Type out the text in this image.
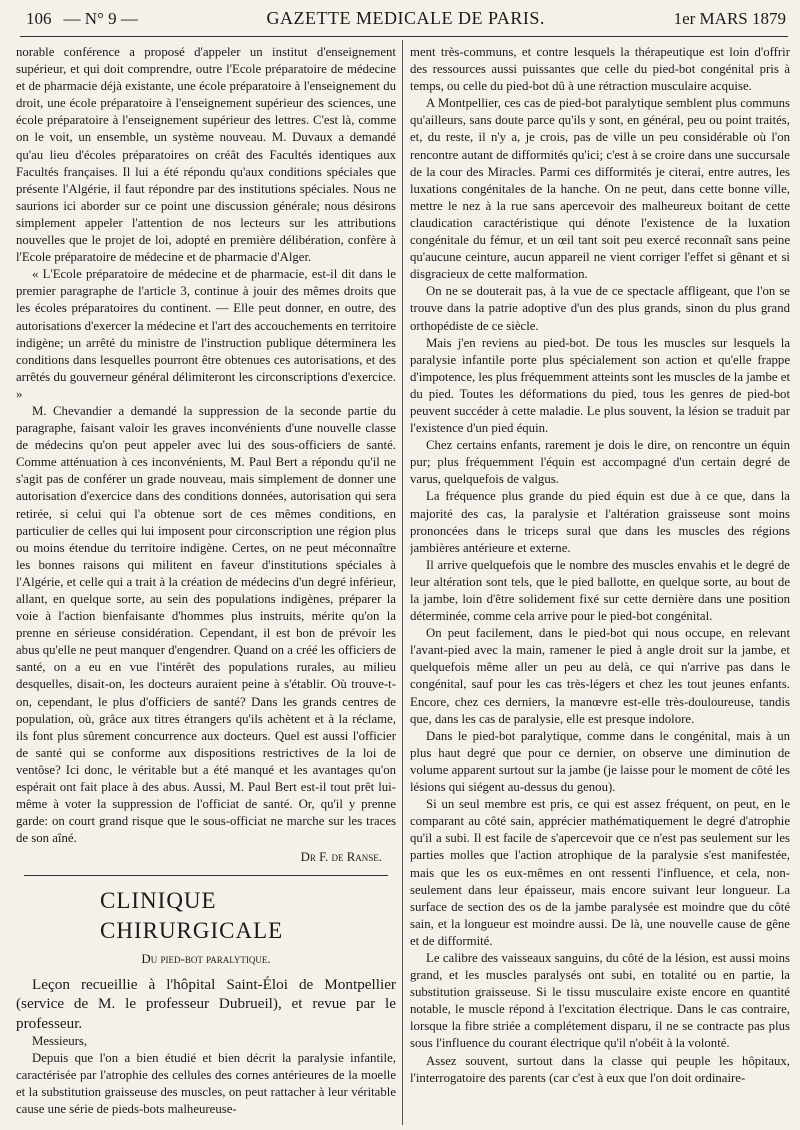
106 — N° 9 —	GAZETTE MEDICALE DE PARIS.	1er MARS 1879

norable conférence a proposé d'appeler un institut d'enseignement supérieur, et qui doit comprendre, outre l'Ecole préparatoire de médecine et de pharmacie déjà existante, une école préparatoire à l'enseignement du droit, une école préparatoire à l'enseignement supérieur des sciences, une école préparatoire à l'enseignement supérieur des lettres. C'est là, comme on le voit, un ensemble, un système nouveau. M. Duvaux a demandé qu'au lieu d'écoles préparatoires on créât des Facultés identiques aux Facultés françaises. Il lui a été répondu qu'aux conditions spéciales que présente l'Algérie, il faut répondre par des institutions spéciales. Nous ne saurions ici aborder sur ce point une discussion générale; nous désirons simplement appeler l'attention de nos lecteurs sur les attributions nouvelles que le projet de loi, adopté en première délibération, confère à l'Ecole préparatoire de médecine et de pharmacie d'Alger.

« L'Ecole préparatoire de médecine et de pharmacie, est-il dit dans le premier paragraphe de l'article 3, continue à jouir des mêmes droits que les écoles préparatoires du continent. — Elle peut donner, en outre, des autorisations d'exercer la médecine et l'art des accouchements en territoire indigène; un arrêté du ministre de l'instruction publique déterminera les conditions dans lesquelles pourront être obtenues ces autorisations, et des arrêtés du gouverneur général délimiteront les circonscriptions d'exercice. »

M. Chevandier a demandé la suppression de la seconde partie du paragraphe, faisant valoir les graves inconvénients d'une nouvelle classe de médecins qu'on peut appeler avec lui des sous-officiers de santé. Comme atténuation à ces inconvénients, M. Paul Bert a répondu qu'il ne s'agit pas de conférer un grade nouveau, mais simplement de donner une autorisation d'exercice dans des conditions données, autorisation qui sera retirée, si celui qui l'a obtenue sort de ces mêmes conditions, en particulier de celles qui lui imposent pour circonscription une région plus ou moins étendue du territoire indigène. Certes, on ne peut méconnaître les bonnes raisons qui militent en faveur d'institutions spéciales à l'Algérie, et celle qui a trait à la création de médecins d'un degré inférieur, allant, en quelque sorte, au sein des populations indigènes, préparer la voie à l'action bienfaisante d'hommes plus instruits, mérite qu'on la prenne en sérieuse considération. Cependant, il est bon de prévoir les abus qu'elle ne peut manquer d'engendrer. Quand on a créé les officiers de santé, on a eu en vue l'intérêt des populations rurales, au milieu desquelles, disait-on, les docteurs auraient peine à s'établir. Où trouve-t-on, cependant, le plus d'officiers de santé? Dans les grands centres de population, où, grâce aux titres étrangers qu'ils achètent et à la réclame, ils font plus sûrement concurrence aux docteurs. Quel est aussi l'officier de santé qui se conforme aux dispositions restrictives de la loi de ventôse? Ici donc, le véritable but a été manqué et les avantages qu'on espérait ont fait place à des abus. Aussi, M. Paul Bert est-il tout prêt lui-même à voter la suppression de l'officiat de santé. Or, qu'il y prenne garde: on court grand risque que le sous-officiat ne marche sur les traces de son aîné.

Dr F. de Ranse.
CLINIQUE CHIRURGICALE
Du pied-bot paralytique.

Leçon recueillie à l'hôpital Saint-Éloi de Montpellier (service de M. le professeur Dubrueil), et revue par le professeur.

Messieurs,

Depuis que l'on a bien étudié et bien décrit la paralysie infantile, caractérisée par l'atrophie des cellules des cornes antérieures de la moelle et la substitution graisseuse des muscles, on peut rattacher à leur véritable cause une série de pieds-bots malheureuse-

ment très-communs, et contre lesquels la thérapeutique est loin d'offrir des ressources aussi puissantes que celle du pied-bot congénital pris à temps, ou celle du pied-bot dû à une rétraction musculaire acquise.

A Montpellier, ces cas de pied-bot paralytique semblent plus communs qu'ailleurs, sans doute parce qu'ils y sont, en général, peu ou point traités, et, du reste, il n'y a, je crois, pas de ville un peu considérable où l'on rencontre autant de difformités qu'ici; c'est à se croire dans une succursale de la cour des Miracles. Parmi ces difformités je citerai, entre autres, les luxations congénitales de la hanche. On ne peut, dans cette bonne ville, mettre le nez à la rue sans apercevoir des malheureux boitant de cette claudication caractéristique qui dénote l'existence de la luxation congénitale du fémur, et un œil tant soit peu exercé reconnaît sans peine qu'aucune ceinture, aucun appareil ne vient corriger l'effet si gênant et si disgracieux de cette malformation.

On ne se douterait pas, à la vue de ce spectacle affligeant, que l'on se trouve dans la patrie adoptive d'un des plus grands, sinon du plus grand orthopédiste de ce siècle.

Mais j'en reviens au pied-bot. De tous les muscles sur lesquels la paralysie infantile porte plus spécialement son action et qu'elle frappe d'impotence, les plus fréquemment atteints sont les muscles de la jambe et du pied. Toutes les déformations du pied, tous les genres de pied-bot peuvent succéder à cette maladie. Le plus souvent, la lésion se traduit par l'existence d'un pied équin.

Chez certains enfants, rarement je dois le dire, on rencontre un équin pur; plus fréquemment l'équin est accompagné d'un certain degré de varus, quelquefois de valgus.

La fréquence plus grande du pied équin est due à ce que, dans la majorité des cas, la paralysie et l'altération graisseuse sont moins prononcées dans le triceps sural que dans les muscles des régions jambières antérieure et externe.

Il arrive quelquefois que le nombre des muscles envahis et le degré de leur altération sont tels, que le pied ballotte, en quelque sorte, au bout de la jambe, loin d'être solidement fixé sur cette dernière dans une position déterminée, comme cela arrive pour le pied-bot congénital.

On peut facilement, dans le pied-bot qui nous occupe, en relevant l'avant-pied avec la main, ramener le pied à angle droit sur la jambe, et quelquefois même aller un peu au delà, ce qui n'arrive pas dans le congénital, sauf pour les cas très-légers et chez les tout jeunes enfants. Encore, chez ces derniers, la manœvre est-elle très-douloureuse, tandis que, dans les cas de paralysie, elle est presque indolore.

Dans le pied-bot paralytique, comme dans le congénital, mais à un plus haut degré que pour ce dernier, on observe une diminution de volume apparent surtout sur la jambe (je laisse pour le moment de côté les lésions qui siégent au-dessus du genou).

Si un seul membre est pris, ce qui est assez fréquent, on peut, en le comparant au côté sain, apprécier mathématiquement le degré d'atrophie qu'il a subi. Il est facile de s'apercevoir que ce n'est pas seulement sur les parties molles que l'action atrophique de la paralysie s'est manifestée, mais que les os eux-mêmes en ont ressenti l'influence, et cela, non-seulement dans leur épaisseur, mais encore suivant leur longueur. La surface de section des os de la jambe paralysée est moindre que du côté sain, et la longueur est moindre aussi. De là, une nouvelle cause de gêne et de difformité.

Le calibre des vaisseaux sanguins, du côté de la lésion, est aussi moins grand, et les muscles paralysés ont subi, en totalité ou en partie, la substitution graisseuse. Si le tissu musculaire existe encore en quantité notable, le muscle répond à l'excitation électrique. Dans le cas contraire, lorsque la fibre striée a complétement disparu, il ne se contracte pas plus sous l'influence du courant électrique qu'il n'obéit à la volonté.

Assez souvent, surtout dans la classe qui peuple les hôpitaux, l'interrogatoire des parents (car c'est à eux que l'on doit ordinaire-
